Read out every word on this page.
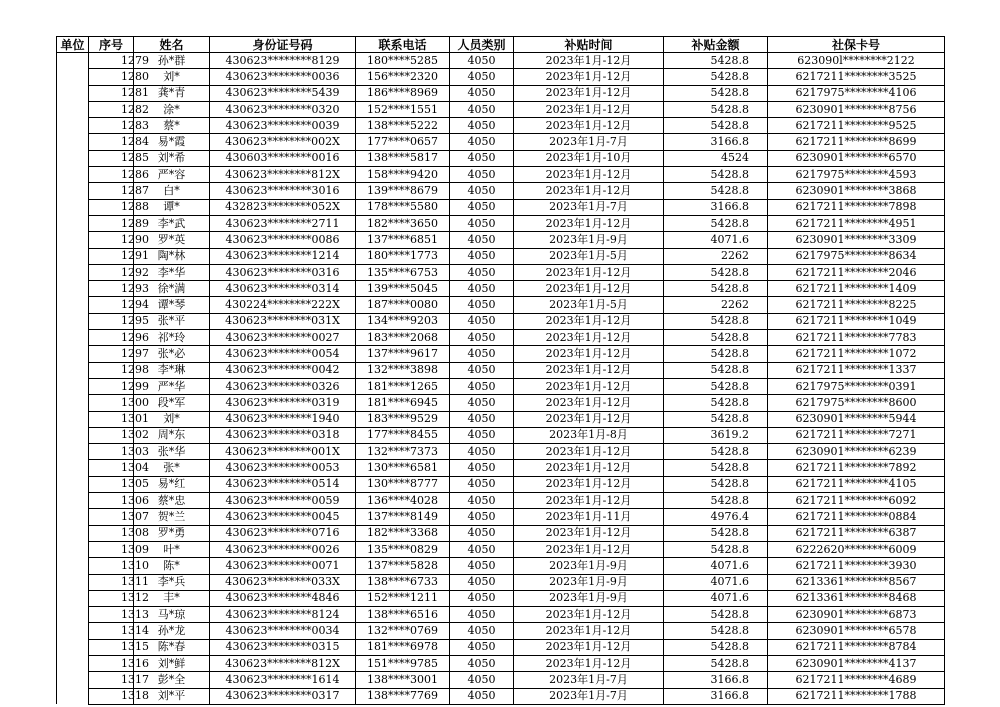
单位	序号	姓名	身份证号码	联系电话	人员类别	补贴时间	补贴金额	社保卡号
	1279	孙*群	430623********8129	180****5285	4050	2023年1月-12月	5428.8	623090l********2122
	1280	刘*	430623********0036	156****2320	4050	2023年1月-12月	5428.8	6217211********3525
	1281	龚*青	430623********5439	186****8969	4050	2023年1月-12月	5428.8	6217975********4106
	1282	涂*	430623********0320	152****1551	4050	2023年1月-12月	5428.8	6230901********8756
	1283	蔡*	430623********0039	138****5222	4050	2023年1月-12月	5428.8	6217211********9525
	1284	易*霞	430623********002X	177****0657	4050	2023年1月-7月	3166.8	6217211********8699
	1285	刘*希	430603********0016	138****5817	4050	2023年1月-10月	4524	6230901********6570
	1286	严*容	430623********812X	158****9420	4050	2023年1月-12月	5428.8	6217975********4593
	1287	白*	430623********3016	139****8679	4050	2023年1月-12月	5428.8	6230901********3868
	1288	谭*	432823********052X	178****5580	4050	2023年1月-7月	3166.8	6217211********7898
	1289	李*武	430623********2711	182****3650	4050	2023年1月-12月	5428.8	6217211********4951
	1290	罗*英	430623********0086	137****6851	4050	2023年1月-9月	4071.6	6230901********3309
	1291	陶*林	430623********1214	180****1773	4050	2023年1月-5月	2262	6217975********8634
	1292	李*华	430623********0316	135****6753	4050	2023年1月-12月	5428.8	6217211********2046
	1293	徐*满	430623********0314	139****5045	4050	2023年1月-12月	5428.8	6217211********1409
	1294	谭*琴	430224********222X	187****0080	4050	2023年1月-5月	2262	6217211********8225
	1295	张*平	430623********031X	134****9203	4050	2023年1月-12月	5428.8	6217211********1049
	1296	祁*玲	430623********0027	183****2068	4050	2023年1月-12月	5428.8	6217211********7783
	1297	张*必	430623********0054	137****9617	4050	2023年1月-12月	5428.8	6217211********1072
	1298	李*琳	430623********0042	132****3898	4050	2023年1月-12月	5428.8	6217211********1337
	1299	严*华	430623********0326	181****1265	4050	2023年1月-12月	5428.8	6217975********0391
	1300	段*军	430623********0319	181****6945	4050	2023年1月-12月	5428.8	6217975********8600
	1301	刘*	430623********1940	183****9529	4050	2023年1月-12月	5428.8	6230901********5944
	1302	周*东	430623********0318	177****8455	4050	2023年1月-8月	3619.2	6217211********7271
	1303	张*华	430623********001X	132****7373	4050	2023年1月-12月	5428.8	6230901********6239
	1304	张*	430623********0053	130****6581	4050	2023年1月-12月	5428.8	6217211********7892
	1305	易*红	430623********0514	130****8777	4050	2023年1月-12月	5428.8	6217211********4105
	1306	蔡*忠	430623********0059	136****4028	4050	2023年1月-12月	5428.8	6217211********6092
	1307	贺*兰	430623********0045	137****8149	4050	2023年1月-11月	4976.4	6217211********0884
	1308	罗*勇	430623********0716	182****3368	4050	2023年1月-12月	5428.8	6217211********6387
	1309	叶*	430623********0026	135****0829	4050	2023年1月-12月	5428.8	6222620********6009
	1310	陈*	430623********0071	137****5828	4050	2023年1月-9月	4071.6	6217211********3930
	1311	李*兵	430623********033X	138****6733	4050	2023年1月-9月	4071.6	6213361********8567
	1312	丰*	430623********4846	152****1211	4050	2023年1月-9月	4071.6	6213361********8468
	1313	马*琼	430623********8124	138****6516	4050	2023年1月-12月	5428.8	6230901********6873
	1314	孙*龙	430623********0034	132****0769	4050	2023年1月-12月	5428.8	6230901********6578
	1315	陈*春	430623********0315	181****6978	4050	2023年1月-12月	5428.8	6217211********8784
	1316	刘*鲜	430623********812X	151****9785	4050	2023年1月-12月	5428.8	6230901********4137
	1317	彭*全	430623********1614	138****3001	4050	2023年1月-7月	3166.8	6217211********4689
	1318	刘*平	430623********0317	138****7769	4050	2023年1月-7月	3166.8	6217211********1788
